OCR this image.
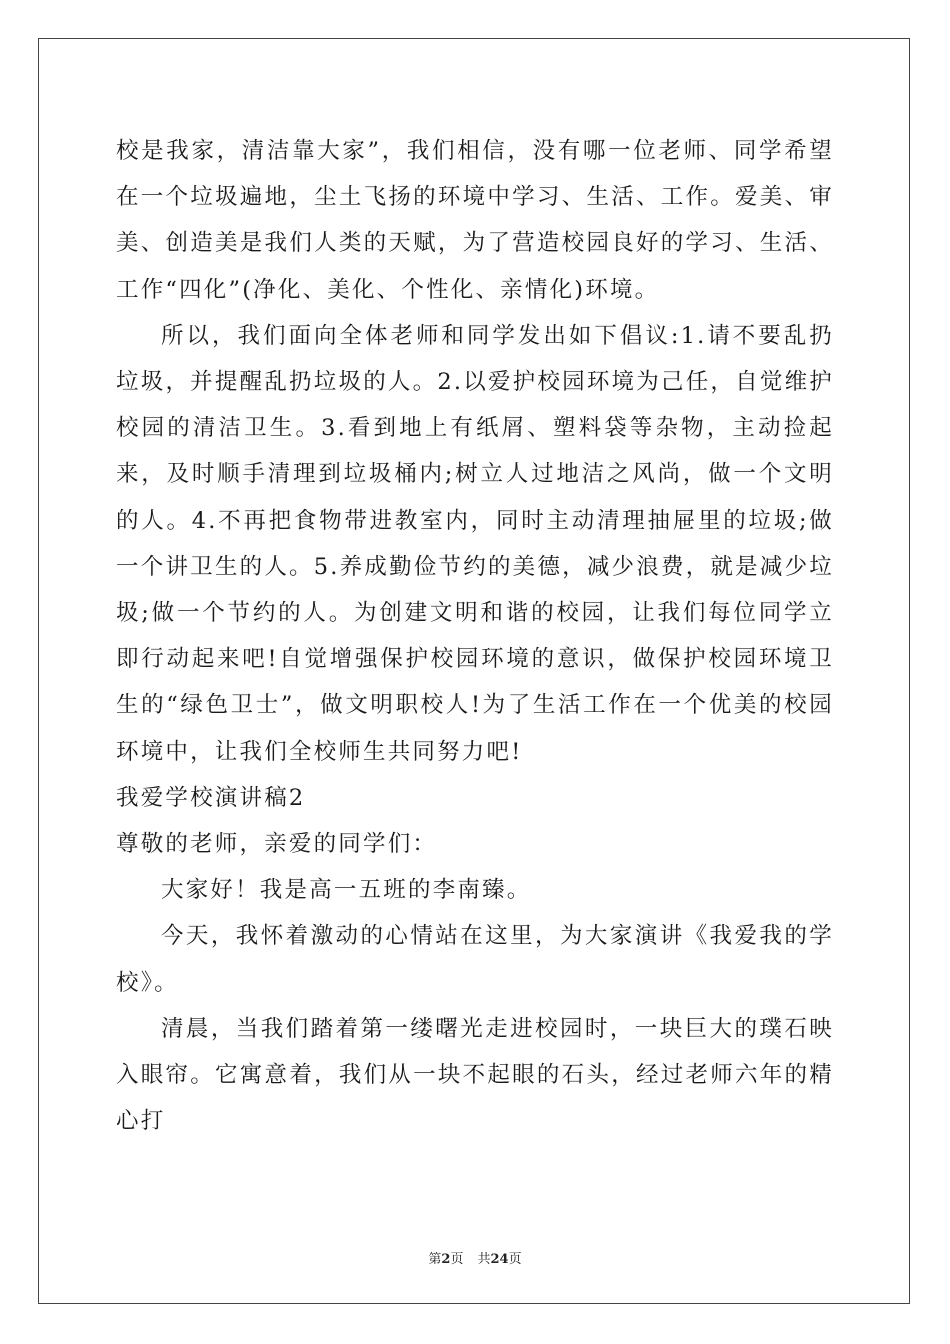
校是我家，清洁靠大家”，我们相信，没有哪一位老师、同学希望在一个垃圾遍地，尘土飞扬的环境中学习、生活、工作。爱美、审美、创造美是我们人类的天赋，为了营造校园良好的学习、生活、工作“四化”(净化、美化、个性化、亲情化)环境。

所以，我们面向全体老师和同学发出如下倡议:1.请不要乱扔垃圾，并提醒乱扔垃圾的人。2.以爱护校园环境为己任，自觉维护校园的清洁卫生。3.看到地上有纸屑、塑料袋等杂物，主动捡起来，及时顺手清理到垃圾桶内;树立人过地洁之风尚，做一个文明的人。4.不再把食物带进教室内，同时主动清理抽屉里的垃圾;做一个讲卫生的人。5.养成勤俭节约的美德，减少浪费，就是减少垃圾;做一个节约的人。为创建文明和谐的校园，让我们每位同学立即行动起来吧!自觉增强保护校园环境的意识，做保护校园环境卫生的“绿色卫士”，做文明职校人!为了生活工作在一个优美的校园环境中，让我们全校师生共同努力吧!

我爱学校演讲稿2

尊敬的老师，亲爱的同学们：

大家好！我是高一五班的李南臻。

今天，我怀着激动的心情站在这里，为大家演讲《我爱我的学校》。

清晨，当我们踏着第一缕曙光走进校园时，一块巨大的璞石映入眼帘。它寓意着，我们从一块不起眼的石头，经过老师六年的精心打

第2页 共24页
